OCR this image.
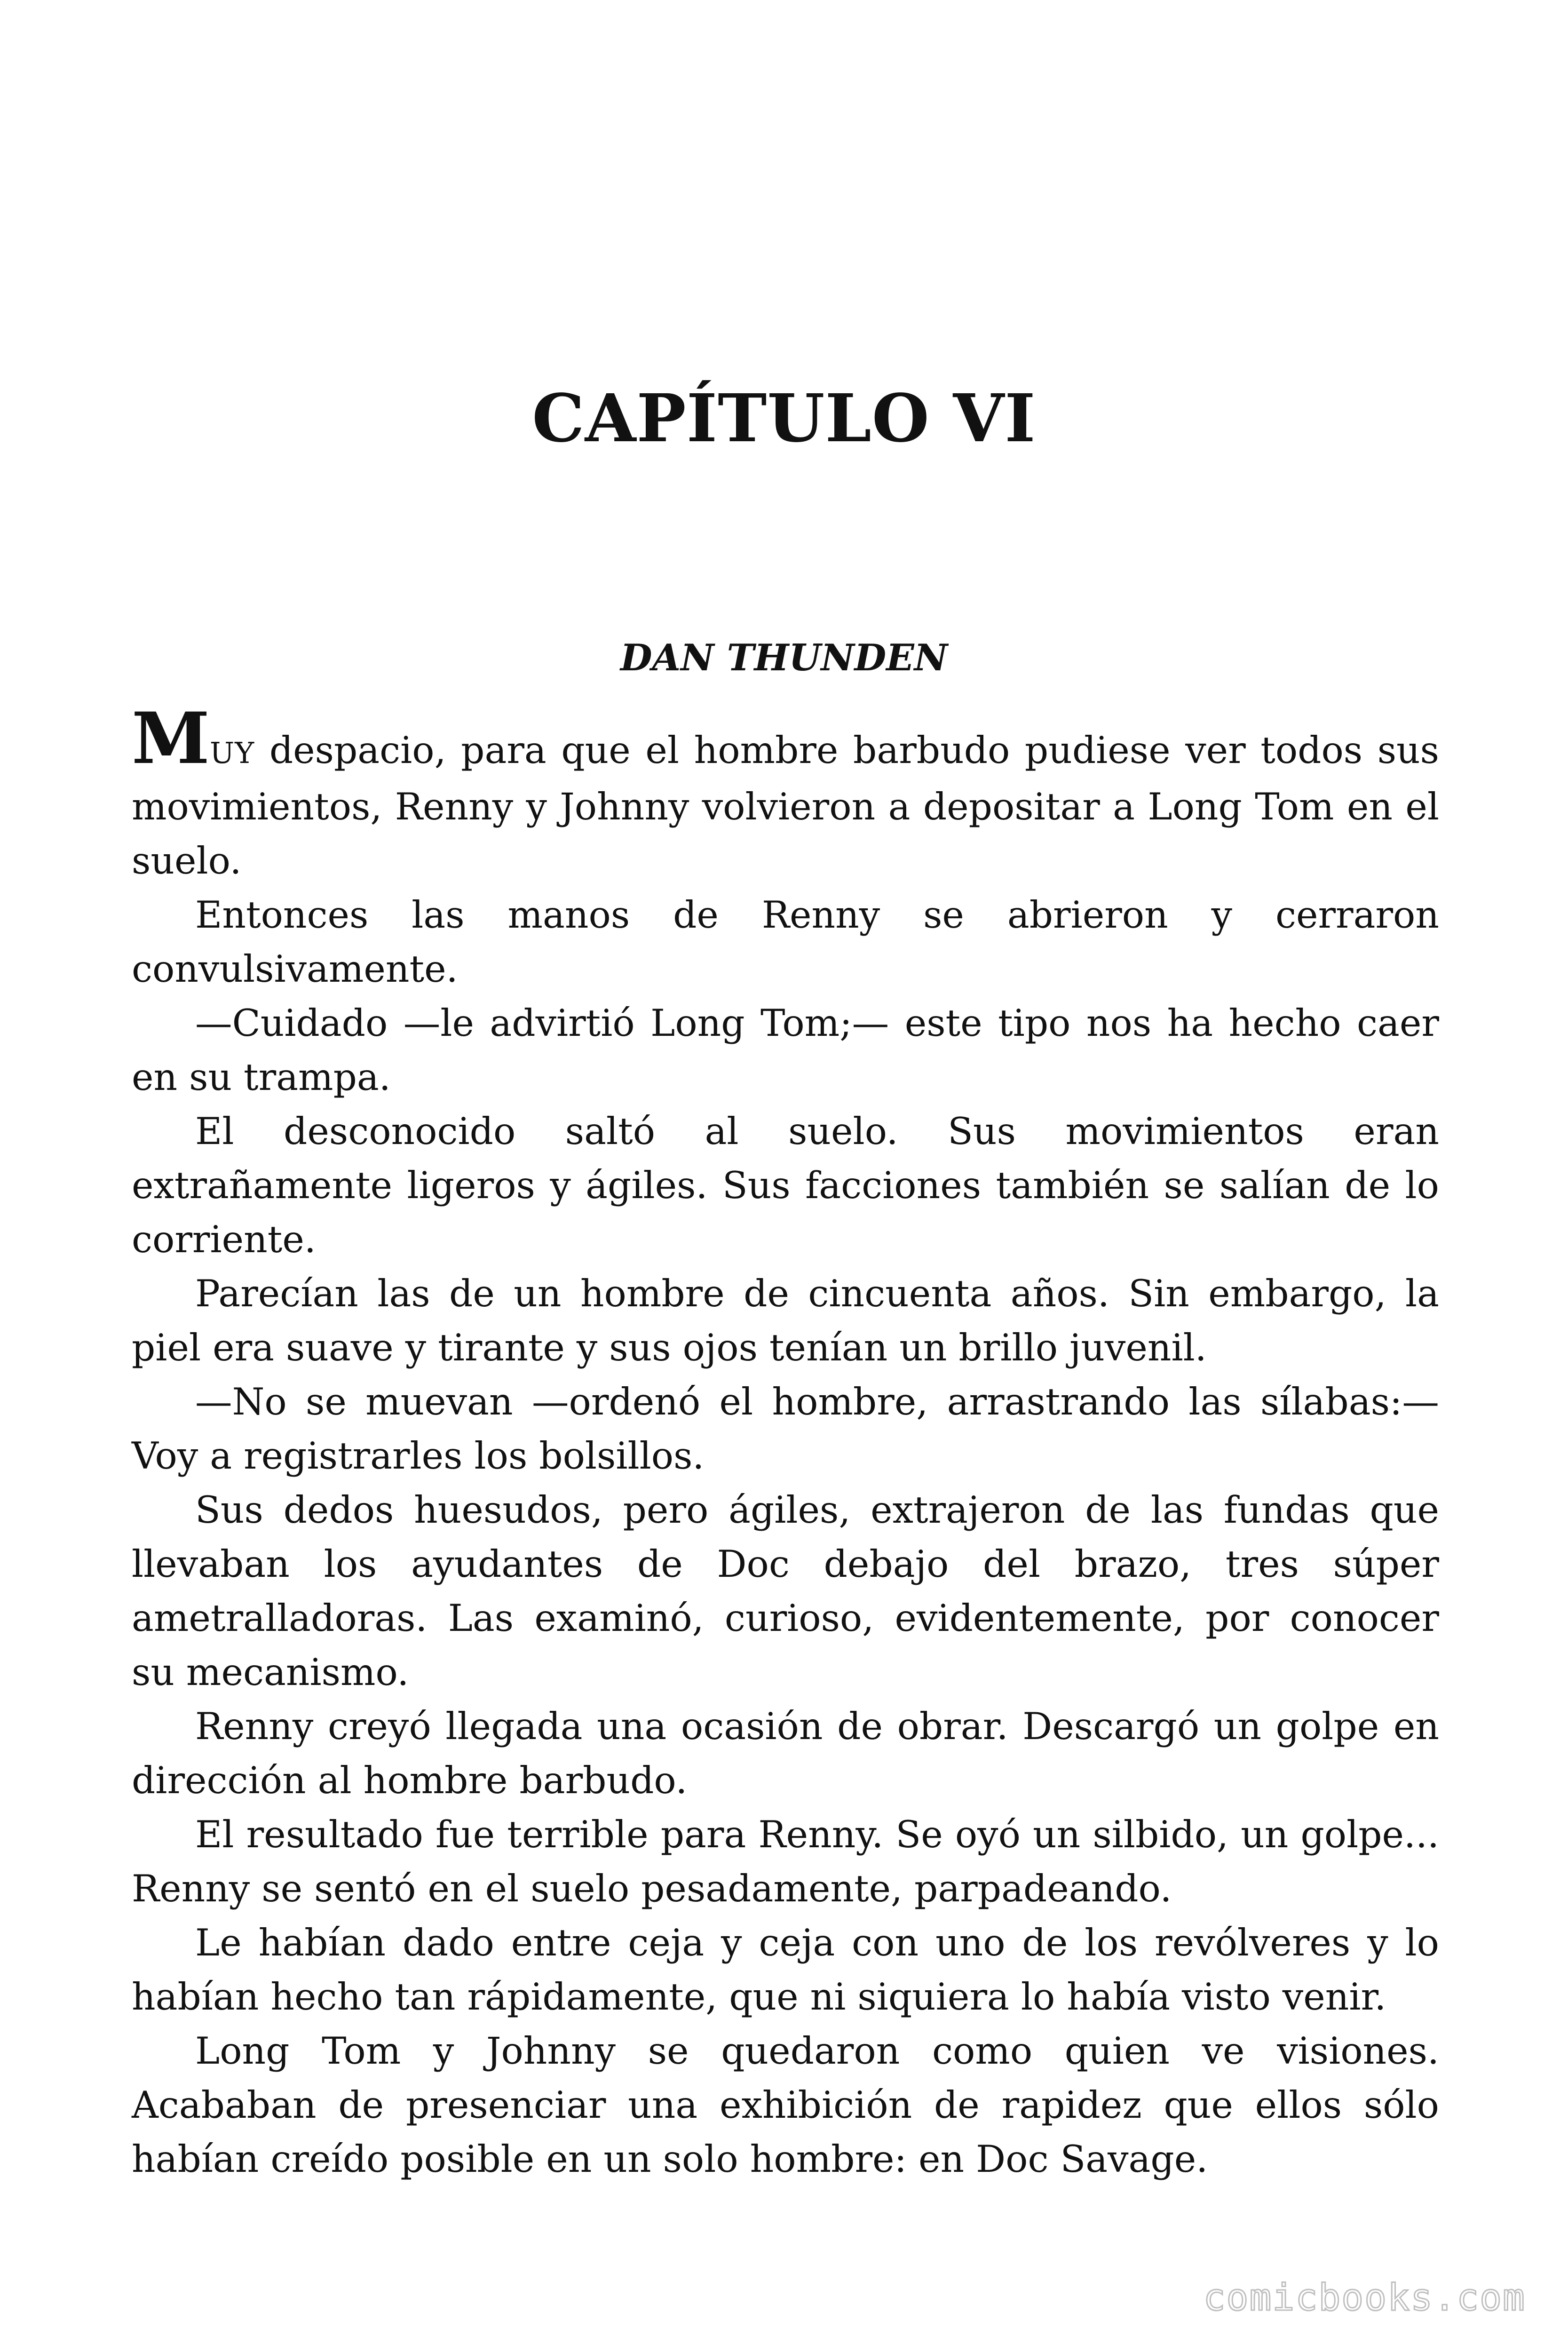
CAPÍTULO VI
DAN THUNDEN

MUY despacio, para que el hombre barbudo pudiese ver todos sus movimientos, Renny y Johnny volvieron a depositar a Long Tom en el suelo.

Entonces las manos de Renny se abrieron y cerraron convulsivamente.

—Cuidado —le advirtió Long Tom;— este tipo nos ha hecho caer en su trampa.

El desconocido saltó al suelo. Sus movimientos eran extrañamente ligeros y ágiles. Sus facciones también se salían de lo corriente.

Parecían las de un hombre de cincuenta años. Sin embargo, la piel era suave y tirante y sus ojos tenían un brillo juvenil.

—No se muevan —ordenó el hombre, arrastrando las sílabas:— Voy a registrarles los bolsillos.

Sus dedos huesudos, pero ágiles, extrajeron de las fundas que llevaban los ayudantes de Doc debajo del brazo, tres súper ametralladoras. Las examinó, curioso, evidentemente, por conocer su mecanismo.

Renny creyó llegada una ocasión de obrar. Descargó un golpe en dirección al hombre barbudo.

El resultado fue terrible para Renny. Se oyó un silbido, un golpe... Renny se sentó en el suelo pesadamente, parpadeando.

Le habían dado entre ceja y ceja con uno de los revólveres y lo habían hecho tan rápidamente, que ni siquiera lo había visto venir.

Long Tom y Johnny se quedaron como quien ve visiones. Acababan de presenciar una exhibición de rapidez que ellos sólo habían creído posible en un solo hombre: en Doc Savage.

comicbooks.com
